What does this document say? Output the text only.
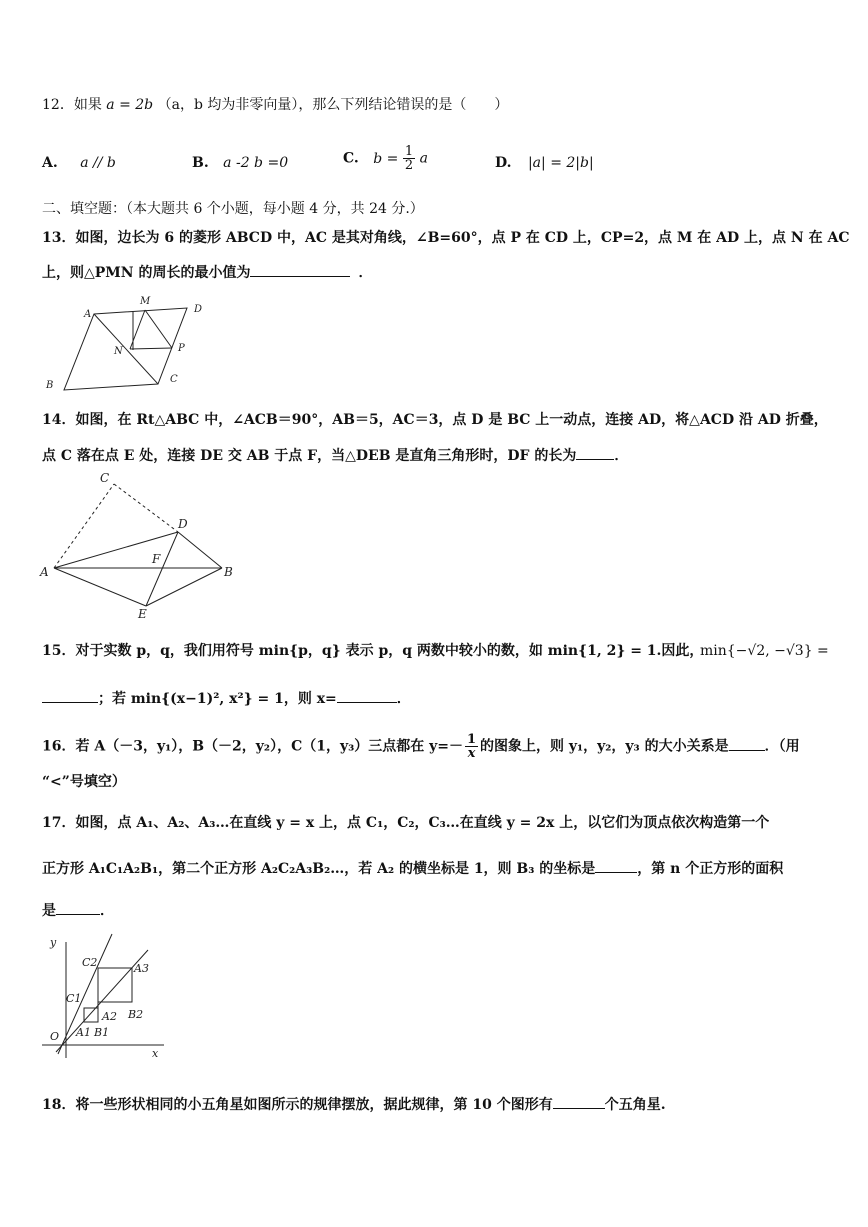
12．如果 a = 2b （a，b 均为非零向量），那么下列结论错误的是（　　）
A. a // b	B. a -2 b =0	C. $b = \frac{1}{2}$ a	D. |a| = 2|b|
二、填空题：（本大题共 6 个小题，每小题 4 分，共 24 分.）
13．如图，边长为 6 的菱形 ABCD 中，AC 是其对角线，∠B=60°，点 P 在 CD 上，CP=2，点 M 在 AD 上，点 N 在 AC
上，则△PMN 的周长的最小值为	．
A
M
D
N	P
B
C
14．如图，在 Rt△ABC 中，∠ACB＝90°，AB＝5，AC＝3，点 D 是 BC 上一动点，连接 AD，将△ACD 沿 AD 折叠，
点 C 落在点 E 处，连接 DE 交 AB 于点 F，当△DEB 是直角三角形时，DF 的长为	．
C
D
A
F
B
E
15．对于实数 p，q，我们用符号 min{p，q} 表示 p，q 两数中较小的数，如 min{1, 2} = 1.因此，
min{−√2, −√3} =
；若 min{(x−1)², x²} = 1，则 x=	．
16．若 A（－3，y₁），B（－2，y₂），C（1，y₃）三点都在 $y=- \frac{1}{x}$ 的图象上，则 y₁，y₂，y₃ 的大小关系是	．（用
“<”号填空）
17．如图，点 A₁、A₂、A₃…在直线 y = x 上，点 C₁，C₂，C₃…在直线 y = 2x 上，以它们为顶点依次构造第一个
正方形 A₁C₁A₂B₁，第二个正方形 A₂C₂A₃B₂…，若 A₂ 的横坐标是 1，则 B₃ 的坐标是	，第 n 个正方形的面积
是	．
y
x
O
C2	A3
C1
A2 B2
A1 B1
18．将一些形状相同的小五角星如图所示的规律摆放，据此规律，第 10 个图形有	个五角星.
